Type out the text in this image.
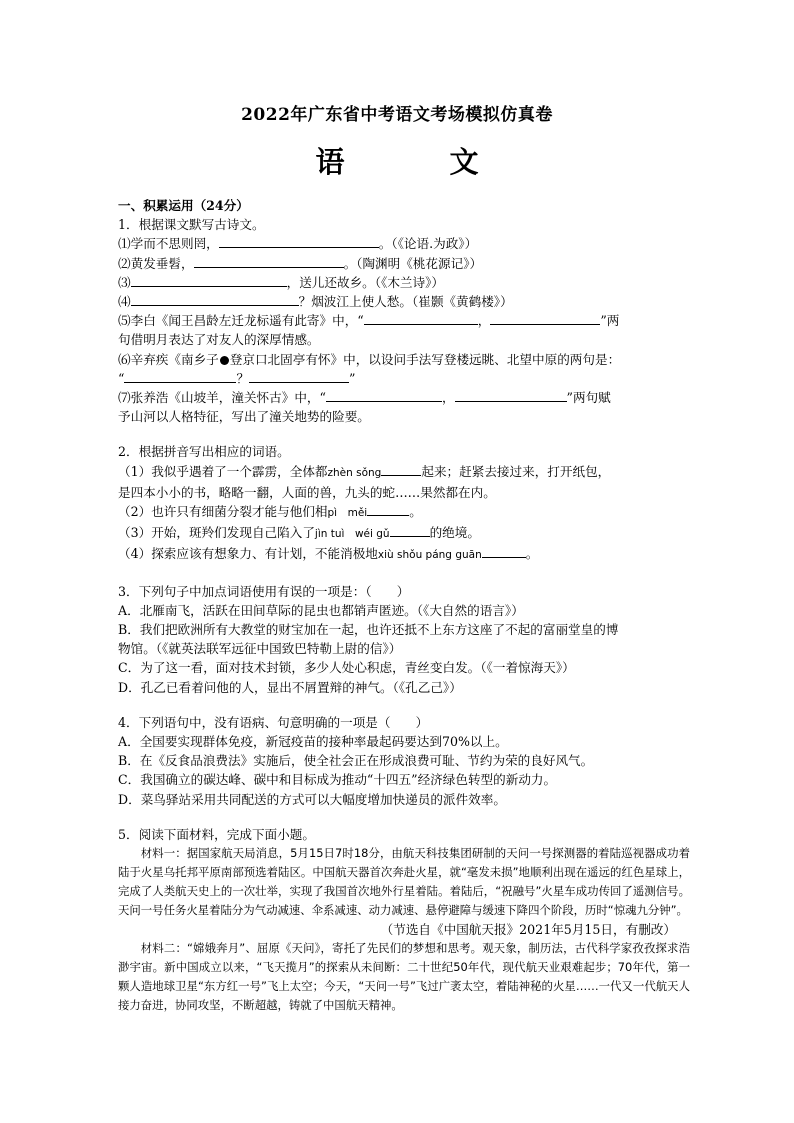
2022年广东省中考语文考场模拟仿真卷
语　文
一、积累运用（24分）
1．根据课文默写古诗文。
⑴学而不思则罔，	。（《论语.为政》）
⑵黄发垂髫，	。（陶渊明《桃花源记》）
⑶	，送儿还故乡。（《木兰诗》）
⑷	？烟波江上使人愁。（崔颢《黄鹤楼》）
⑸李白《闻王昌龄左迁龙标遥有此寄》中，“	，	”两
句借明月表达了对友人的深厚情感。
⑹辛弃疾《南乡子 登京口北固亭有怀》中，以设问手法写登楼远眺、北望中原的两句是：
“	？	”
⑺张养浩《山坡羊，潼关怀古》中，“	，	”两句赋
予山河以人格特征，写出了潼关地势的险要。
2．根据拼音写出相应的词语。
（1）我似乎遇着了一个霹雳，全体都zhèn sǒng	起来；赶紧去接过来，打开纸包，
是四本小小的书，略略一翻，人面的兽，九头的蛇……果然都在内。
（2）也许只有细菌分裂才能与他们相pì　měi	。
（3）开始，斑羚们发现自己陷入了jìn tuì　wéi gǔ	的绝境。
（4）探索应该有想象力、有计划，不能消极地xiù shǒu páng guān	。
3．下列句子中加点词语使用有误的一项是：（　　）
A．北雁南飞，活跃在田间草际的昆虫也都销声匿迹。（《大自然的语言》）
B．我们把欧洲所有大教堂的财宝加在一起，也许还抵不上东方这座了不起的富丽堂皇的博
物馆。（《就英法联军远征中国致巴特勒上尉的信》）
C．为了这一看，面对技术封锁，多少人处心积虑，青丝变白发。（《一着惊海天》）
D．孔乙已看着问他的人，显出不屑置辩的神气。（《孔乙己》）
4．下列语句中，没有语病、句意明确的一项是（　　）
A．全国要实现群体免疫，新冠疫苗的接种率最起码要达到70%以上。
B．在《反食品浪费法》实施后，使全社会正在形成浪费可耻、节约为荣的良好风气。
C．我国确立的碳达峰、碳中和目标成为推动“十四五”经济绿色转型的新动力。
D．菜鸟驿站采用共同配送的方式可以大幅度增加快递员的派件效率。
5．阅读下面材料，完成下面小题。
材料一：据国家航天局消息，5月15日7时18分，由航天科技集团研制的天问一号探测器的着陆巡视器成功着陆于火星乌托邦平原南部预选着陆区。中国航天器首次奔赴火星，就“毫发未损”地顺利出现在遥远的红色星球上，完成了人类航天史上的一次壮举，实现了我国首次地外行星着陆。着陆后，“祝融号”火星车成功传回了遥测信号。天问一号任务火星着陆分为气动减速、伞系减速、动力减速、悬停避障与缓速下降四个阶段，历时“惊魂九分钟”。
（节选自《中国航天报》2021年5月15日，有删改）
材料二：“嫦娥奔月”、屈原《天问》，寄托了先民们的梦想和思考。观天象，制历法，古代科学家孜孜探求浩渺宇宙。新中国成立以来，“飞天揽月”的探索从未间断：二十世纪50年代，现代航天业艰难起步；70年代，第一颗人造地球卫星“东方红一号”飞上太空；今天，“天问一号”飞过广袤太空，着陆神秘的火星……一代又一代航天人接力奋进，协同攻坚，不断超越，铸就了中国航天精神。
